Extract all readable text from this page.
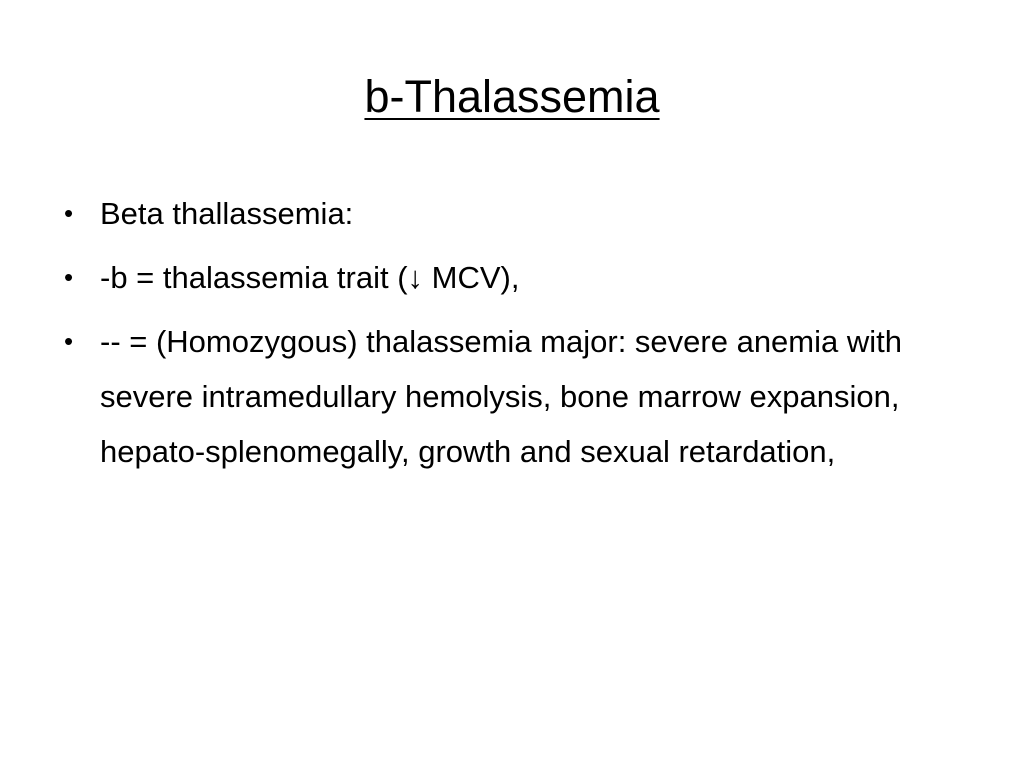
b-Thalassemia
• Beta thallassemia:
• -b = thalassemia trait (↓ MCV),
• -- = (Homozygous) thalassemia major: severe anemia with severe intramedullary hemolysis, bone marrow expansion, hepato-splenomegally, growth and sexual retardation,
